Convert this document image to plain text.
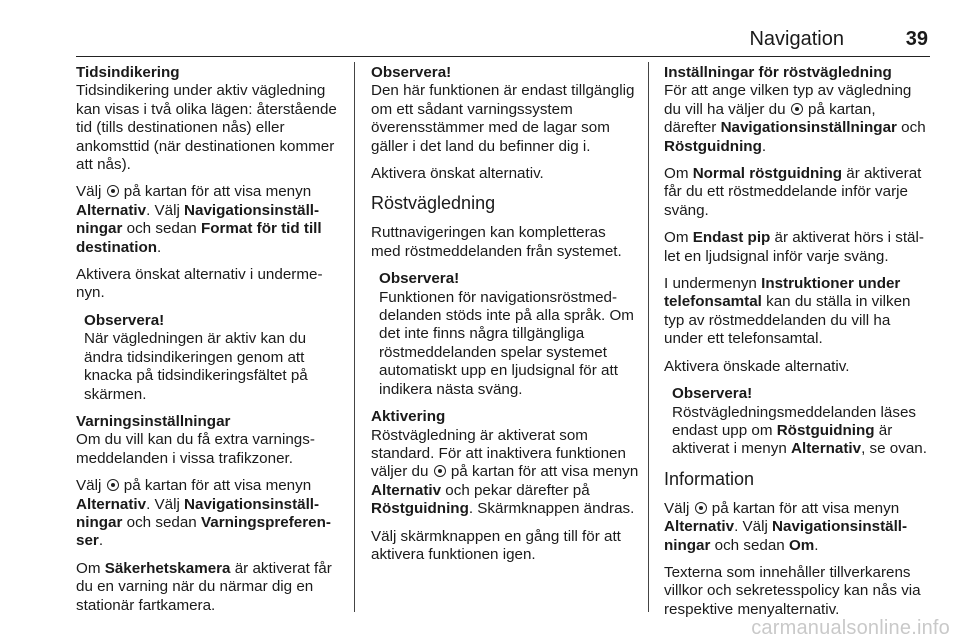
Navigation	39

Tidsindikering

Tidsindikering under aktiv vägledning kan visas i två olika lägen: återstående tid (tills destinationen nås) eller ankomsttid (när destinationen kommer att nås).

Välj  på kartan för att visa menyn Alternativ. Välj Navigationsinställningar och sedan Format för tid till destination.

Aktivera önskat alternativ i undermenyn.

Observera!
När vägledningen är aktiv kan du ändra tidsindikeringen genom att knacka på tidsindikeringsfältet på skärmen.

Varningsinställningar

Om du vill kan du få extra varningsmeddelanden i vissa trafikzoner.

Välj  på kartan för att visa menyn Alternativ. Välj Navigationsinställningar och sedan Varningspreferenser.

Om Säkerhetskamera är aktiverat får du en varning när du närmar dig en stationär fartkamera.

Observera!
Den här funktionen är endast tillgänglig om ett sådant varningssystem överensstämmer med de lagar som gäller i det land du befinner dig i.

Aktivera önskat alternativ.

Röstvägledning

Ruttnavigeringen kan kompletteras med röstmeddelanden från systemet.

Observera!
Funktionen för navigationsröstmeddelanden stöds inte på alla språk. Om det inte finns några tillgängliga röstmeddelanden spelar systemet automatiskt upp en ljudsignal för att indikera nästa sväng.

Aktivering

Röstvägledning är aktiverat som standard. För att inaktivera funktionen väljer du  på kartan för att visa menyn Alternativ och pekar därefter på Röstguidning. Skärmknappen ändras.

Välj skärmknappen en gång till för att aktivera funktionen igen.

Inställningar för röstvägledning

För att ange vilken typ av vägledning du vill ha väljer du  på kartan, därefter Navigationsinställningar och Röstguidning.

Om Normal röstguidning är aktiverat får du ett röstmeddelande inför varje sväng.

Om Endast pip är aktiverat hörs i stället en ljudsignal inför varje sväng.

I undermenyn Instruktioner under telefonsamtal kan du ställa in vilken typ av röstmeddelanden du vill ha under ett telefonsamtal.

Aktivera önskade alternativ.

Observera!
Röstvägledningsmeddelanden läses endast upp om Röstguidning är aktiverat i menyn Alternativ, se ovan.
Information

Välj  på kartan för att visa menyn Alternativ. Välj Navigationsinställningar och sedan Om.

Texterna som innehåller tillverkarens villkor och sekretesspolicy kan nås via respektive menyalternativ.

carmanualsonline.info
